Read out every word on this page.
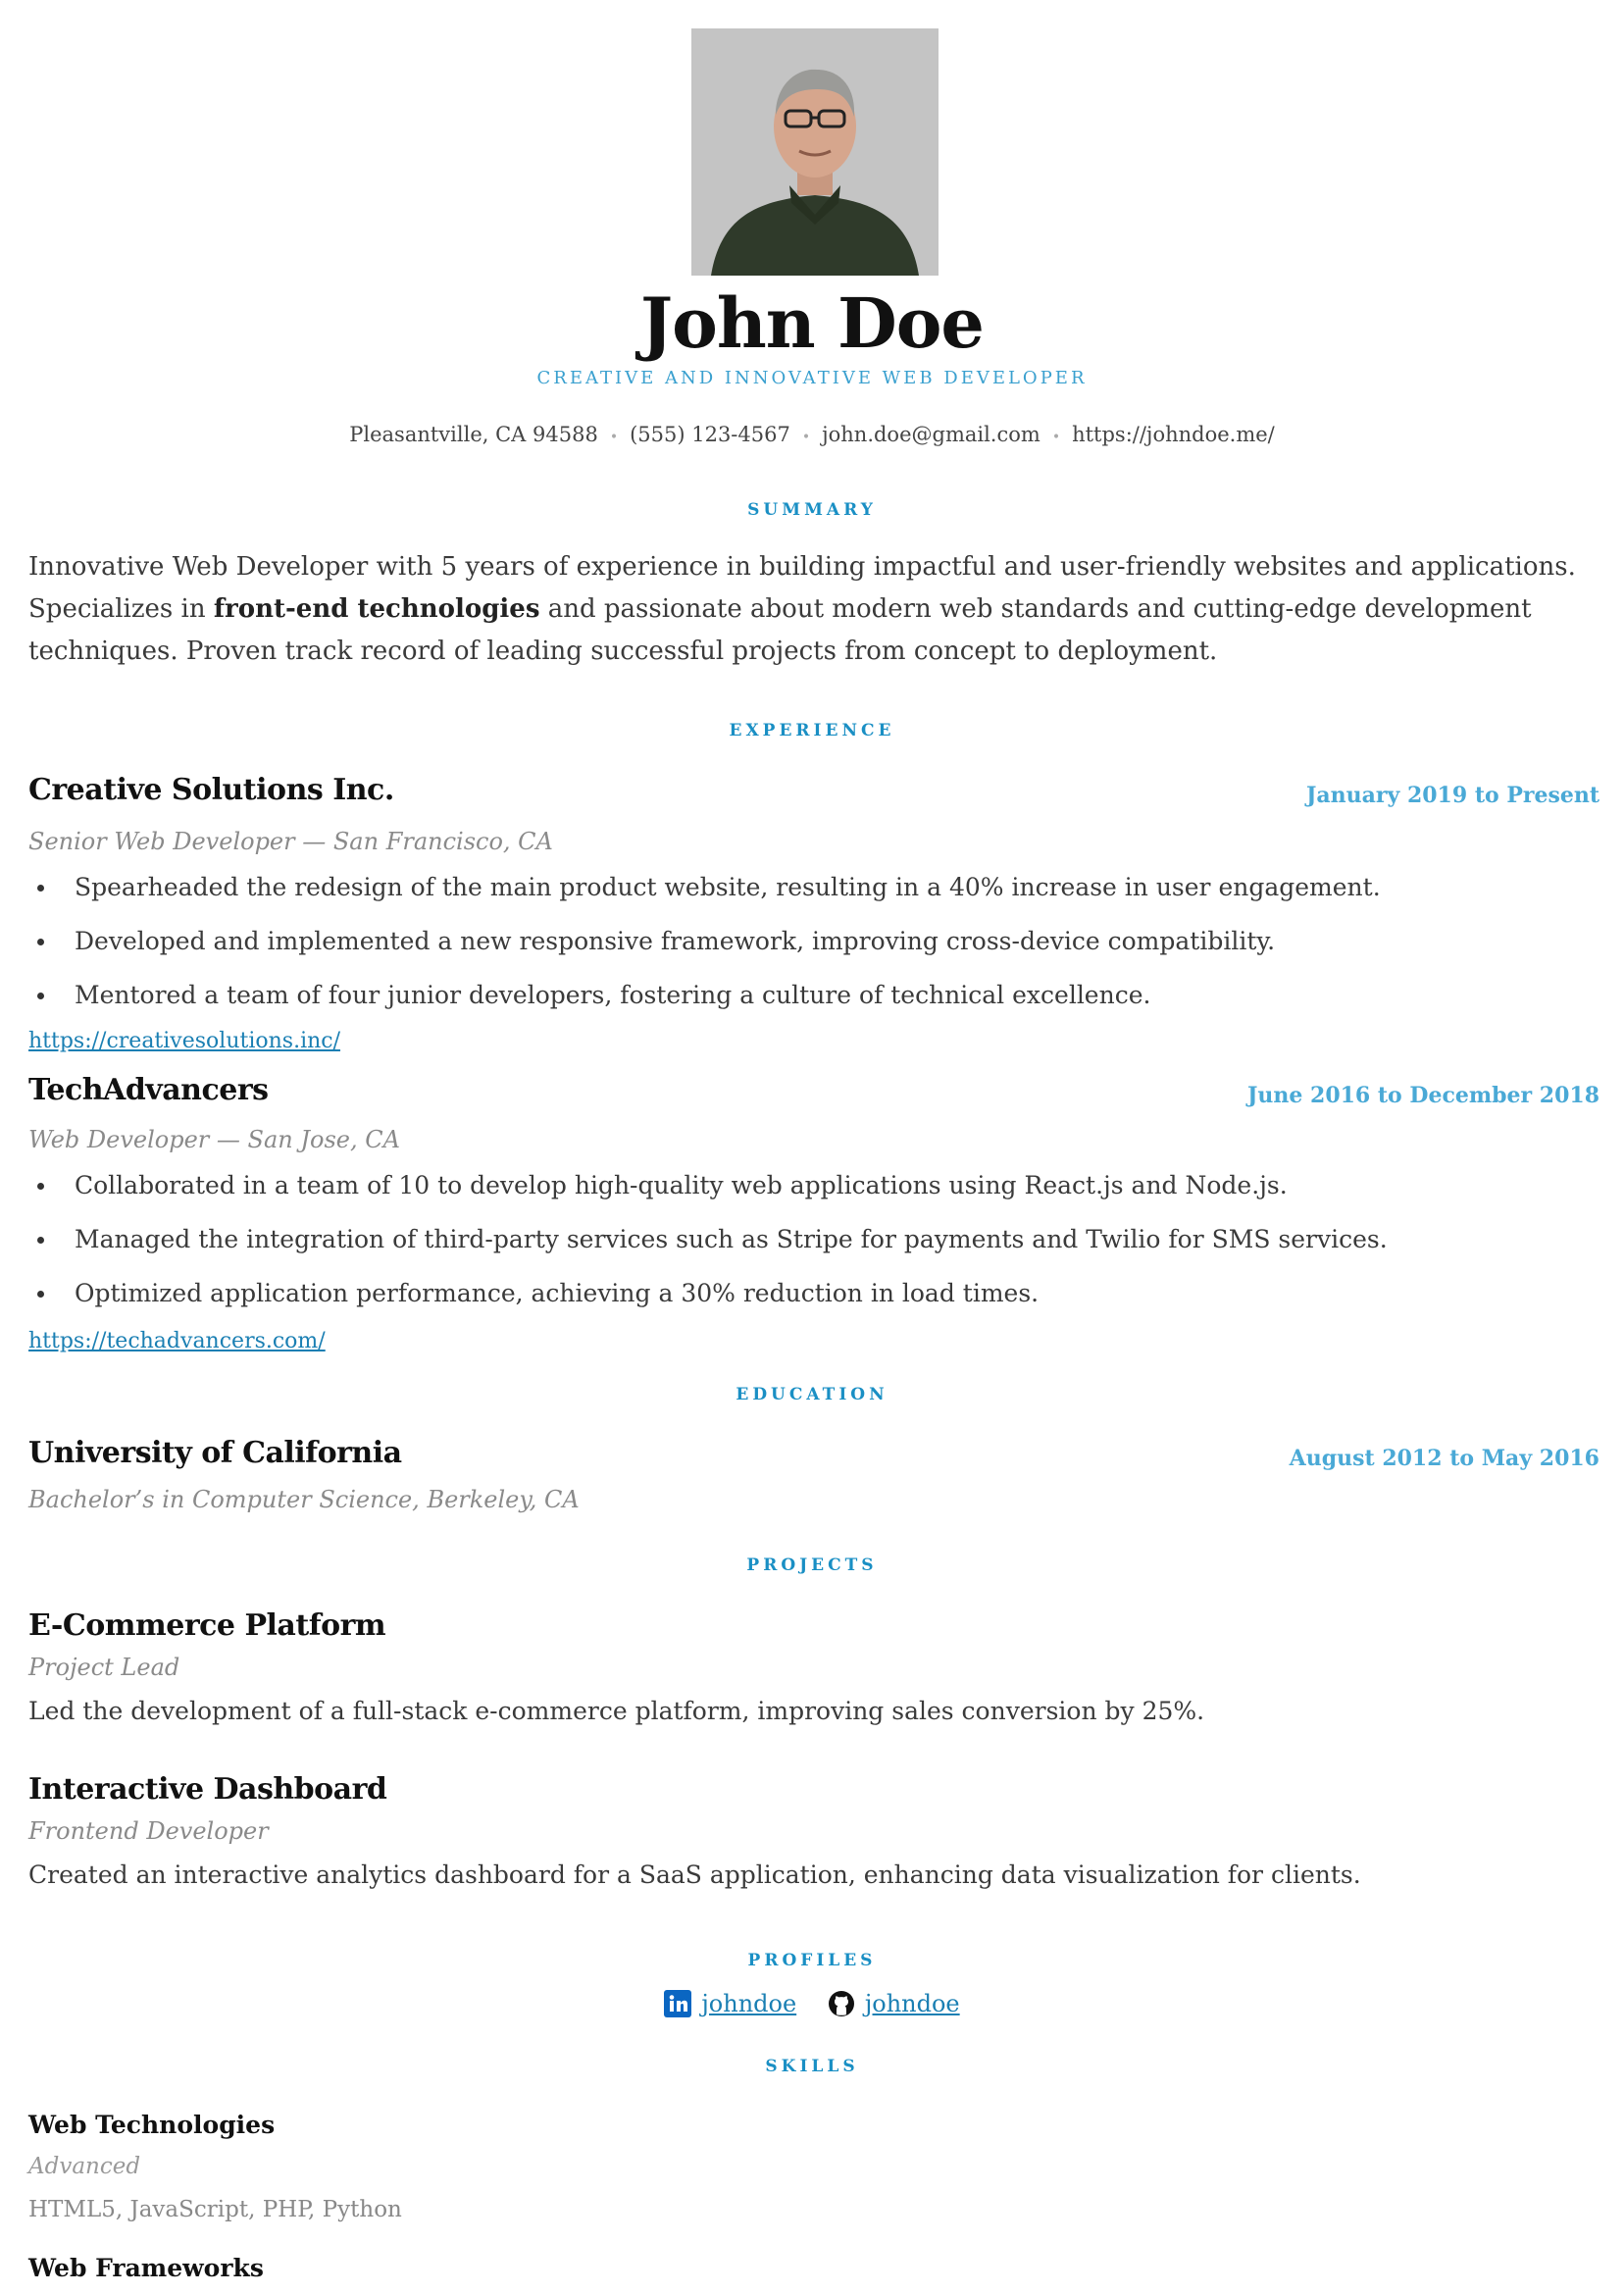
John Doe
CREATIVE AND INNOVATIVE WEB DEVELOPER
Pleasantville, CA 94588 • (555) 123-4567 • john.doe@gmail.com • https://johndoe.me/
SUMMARY
Innovative Web Developer with 5 years of experience in building impactful and user-friendly websites and applications. Specializes in front-end technologies and passionate about modern web standards and cutting-edge development techniques. Proven track record of leading successful projects from concept to deployment.
EXPERIENCE
Creative Solutions Inc.	January 2019 to Present
Senior Web Developer — San Francisco, CA
Spearheaded the redesign of the main product website, resulting in a 40% increase in user engagement.
Developed and implemented a new responsive framework, improving cross-device compatibility.
Mentored a team of four junior developers, fostering a culture of technical excellence.
https://creativesolutions.inc/
TechAdvancers	June 2016 to December 2018
Web Developer — San Jose, CA
Collaborated in a team of 10 to develop high-quality web applications using React.js and Node.js.
Managed the integration of third-party services such as Stripe for payments and Twilio for SMS services.
Optimized application performance, achieving a 30% reduction in load times.
https://techadvancers.com/
EDUCATION
University of California	August 2012 to May 2016
Bachelor’s in Computer Science, Berkeley, CA
PROJECTS
E-Commerce Platform
Project Lead
Led the development of a full-stack e-commerce platform, improving sales conversion by 25%.
Interactive Dashboard
Frontend Developer
Created an interactive analytics dashboard for a SaaS application, enhancing data visualization for clients.
PROFILES
johndoe
	johndoe
SKILLS
Web Technologies
Advanced
HTML5, JavaScript, PHP, Python
Web Frameworks
